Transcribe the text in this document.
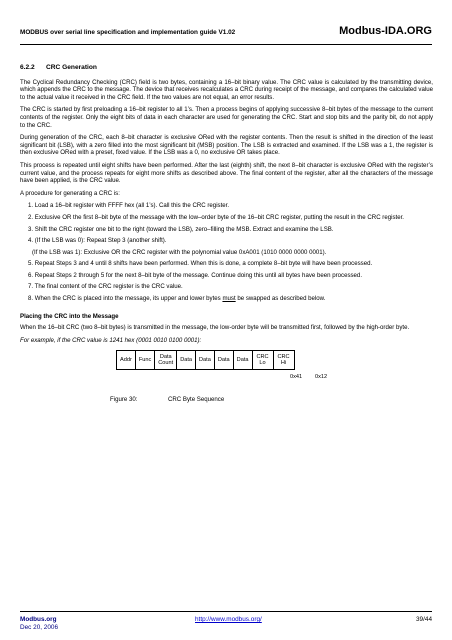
MODBUS over serial line specification and implementation guide V1.02	Modbus-IDA.ORG
6.2.2 CRC Generation

The Cyclical Redundancy Checking (CRC) field is two bytes, containing a 16–bit binary value. The CRC value is calculated by the transmitting device, which appends the CRC to the message. The device that receives recalculates a CRC during receipt of the message, and compares the calculated value to the actual value it received in the CRC field. If the two values are not equal, an error results.

The CRC is started by first preloading a 16–bit register to all 1’s. Then a process begins of applying successive 8–bit bytes of the message to the current contents of the register. Only the eight bits of data in each character are used for generating the CRC. Start and stop bits and the parity bit, do not apply to the CRC.

During generation of the CRC, each 8–bit character is exclusive ORed with the register contents. Then the result is shifted in the direction of the least significant bit (LSB), with a zero filled into the most significant bit (MSB) position. The LSB is extracted and examined. If the LSB was a 1, the register is then exclusive ORed with a preset, fixed value. If the LSB was a 0, no exclusive OR takes place.

This process is repeated until eight shifts have been performed. After the last (eighth) shift, the next 8–bit character is exclusive ORed with the register’s current value, and the process repeats for eight more shifts as described above. The final content of the register, after all the characters of the message have been applied, is the CRC value.

A procedure for generating a CRC is:

1. Load a 16–bit register with FFFF hex (all 1’s). Call this the CRC register.
2. Exclusive OR the first 8–bit byte of the message with the low–order byte of the 16–bit CRC register, putting the result in the CRC register.
3. Shift the CRC register one bit to the right (toward the LSB), zero–filling the MSB. Extract and examine the LSB.
4. (If the LSB was 0): Repeat Step 3 (another shift).
(If the LSB was 1): Exclusive OR the CRC register with the polynomial value 0xA001 (1010 0000 0000 0001).
5. Repeat Steps 3 and 4 until 8 shifts have been performed. When this is done, a complete 8–bit byte will have been processed.
6. Repeat Steps 2 through 5 for the next 8–bit byte of the message. Continue doing this until all bytes have been processed.
7. The final content of the CRC register is the CRC value.
8. When the CRC is placed into the message, its upper and lower bytes must be swapped as described below.
Placing the CRC into the Message

When the 16–bit CRC (two 8–bit bytes) is transmitted in the message, the low-order byte will be transmitted first, followed by the high-order byte.

For example, if the CRC value is 1241 hex (0001 0010 0100 0001):
Addr	Func	Data Count	Data	Data	Data	Data	CRC Lo	CRC Hi
0x41 0x12
Figure 30:	CRC Byte Sequence
Modbus.org
Dec 20, 2006
http://www.modbus.org/	39/44
